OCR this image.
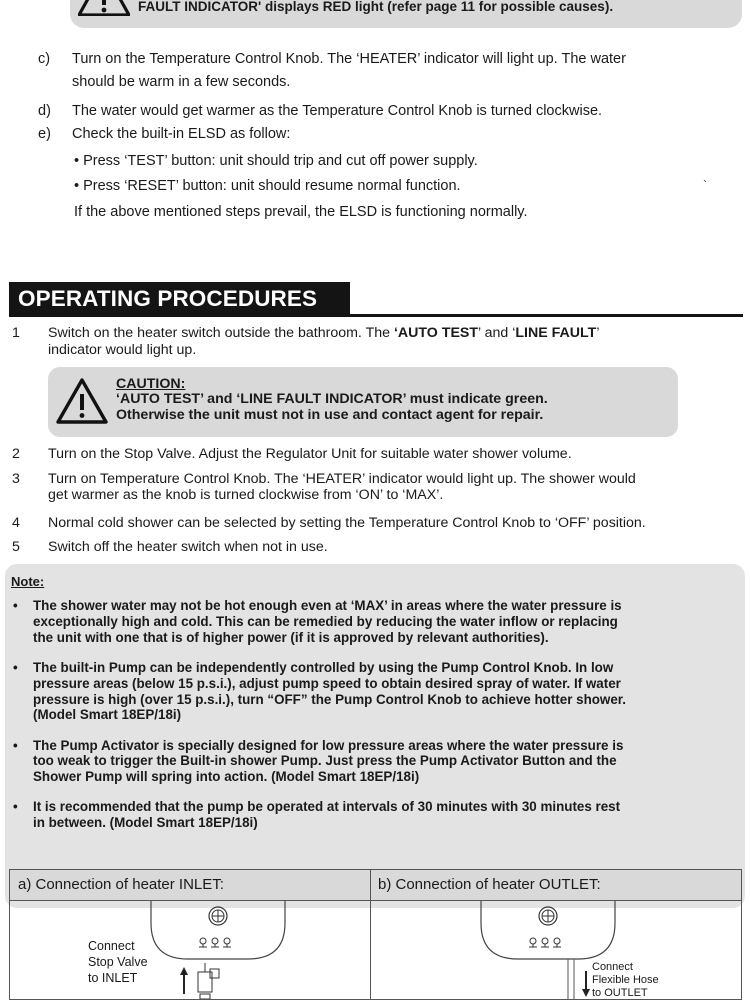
FAULT INDICATOR' displays RED light (refer page 11 for possible causes).
c) Turn on the Temperature Control Knob. The ‘HEATER’ indicator will light up. The water
should be warm in a few seconds.
d) The water would get warmer as the Temperature Control Knob is turned clockwise.
e) Check the built-in ELSD as follow:
• Press ‘TEST’ button: unit should trip and cut off power supply.
• Press ‘RESET’ button: unit should resume normal function.
If the above mentioned steps prevail, the ELSD is functioning normally.
`
OPERATING PROCEDURES
1 Switch on the heater switch outside the bathroom. The ‘AUTO TEST’ and ‘LINE FAULT’
indicator would light up.
CAUTION:
‘AUTO TEST’ and ‘LINE FAULT INDICATOR’ must indicate green.
Otherwise the unit must not in use and contact agent for repair.
2 Turn on the Stop Valve. Adjust the Regulator Unit for suitable water shower volume.
3 Turn on Temperature Control Knob. The ‘HEATER’ indicator would light up. The shower would
get warmer as the knob is turned clockwise from ‘ON’ to ‘MAX’.
4 Normal cold shower can be selected by setting the Temperature Control Knob to ‘OFF’ position.
5 Switch off the heater switch when not in use.
Note:
• The shower water may not be hot enough even at ‘MAX’ in areas where the water pressure is
exceptionally high and cold. This can be remedied by reducing the water inflow or replacing
the unit with one that is of higher power (if it is approved by relevant authorities).
• The built-in Pump can be independently controlled by using the Pump Control Knob. In low
pressure areas (below 15 p.s.i.), adjust pump speed to obtain desired spray of water. If water
pressure is high (over 15 p.s.i.), turn “OFF” the Pump Control Knob to achieve hotter shower.
(Model Smart 18EP/18i)
• The Pump Activator is specially designed for low pressure areas where the water pressure is
too weak to trigger the Built-in shower Pump. Just press the Pump Activator Button and the
Shower Pump will spring into action. (Model Smart 18EP/18i)
• It is recommended that the pump be operated at intervals of 30 minutes with 30 minutes rest
in between. (Model Smart 18EP/18i)
a) Connection of heater INLET:	b) Connection of heater OUTLET:
Connect
Stop Valve
to INLET
Connect
Flexible Hose
to OUTLET
